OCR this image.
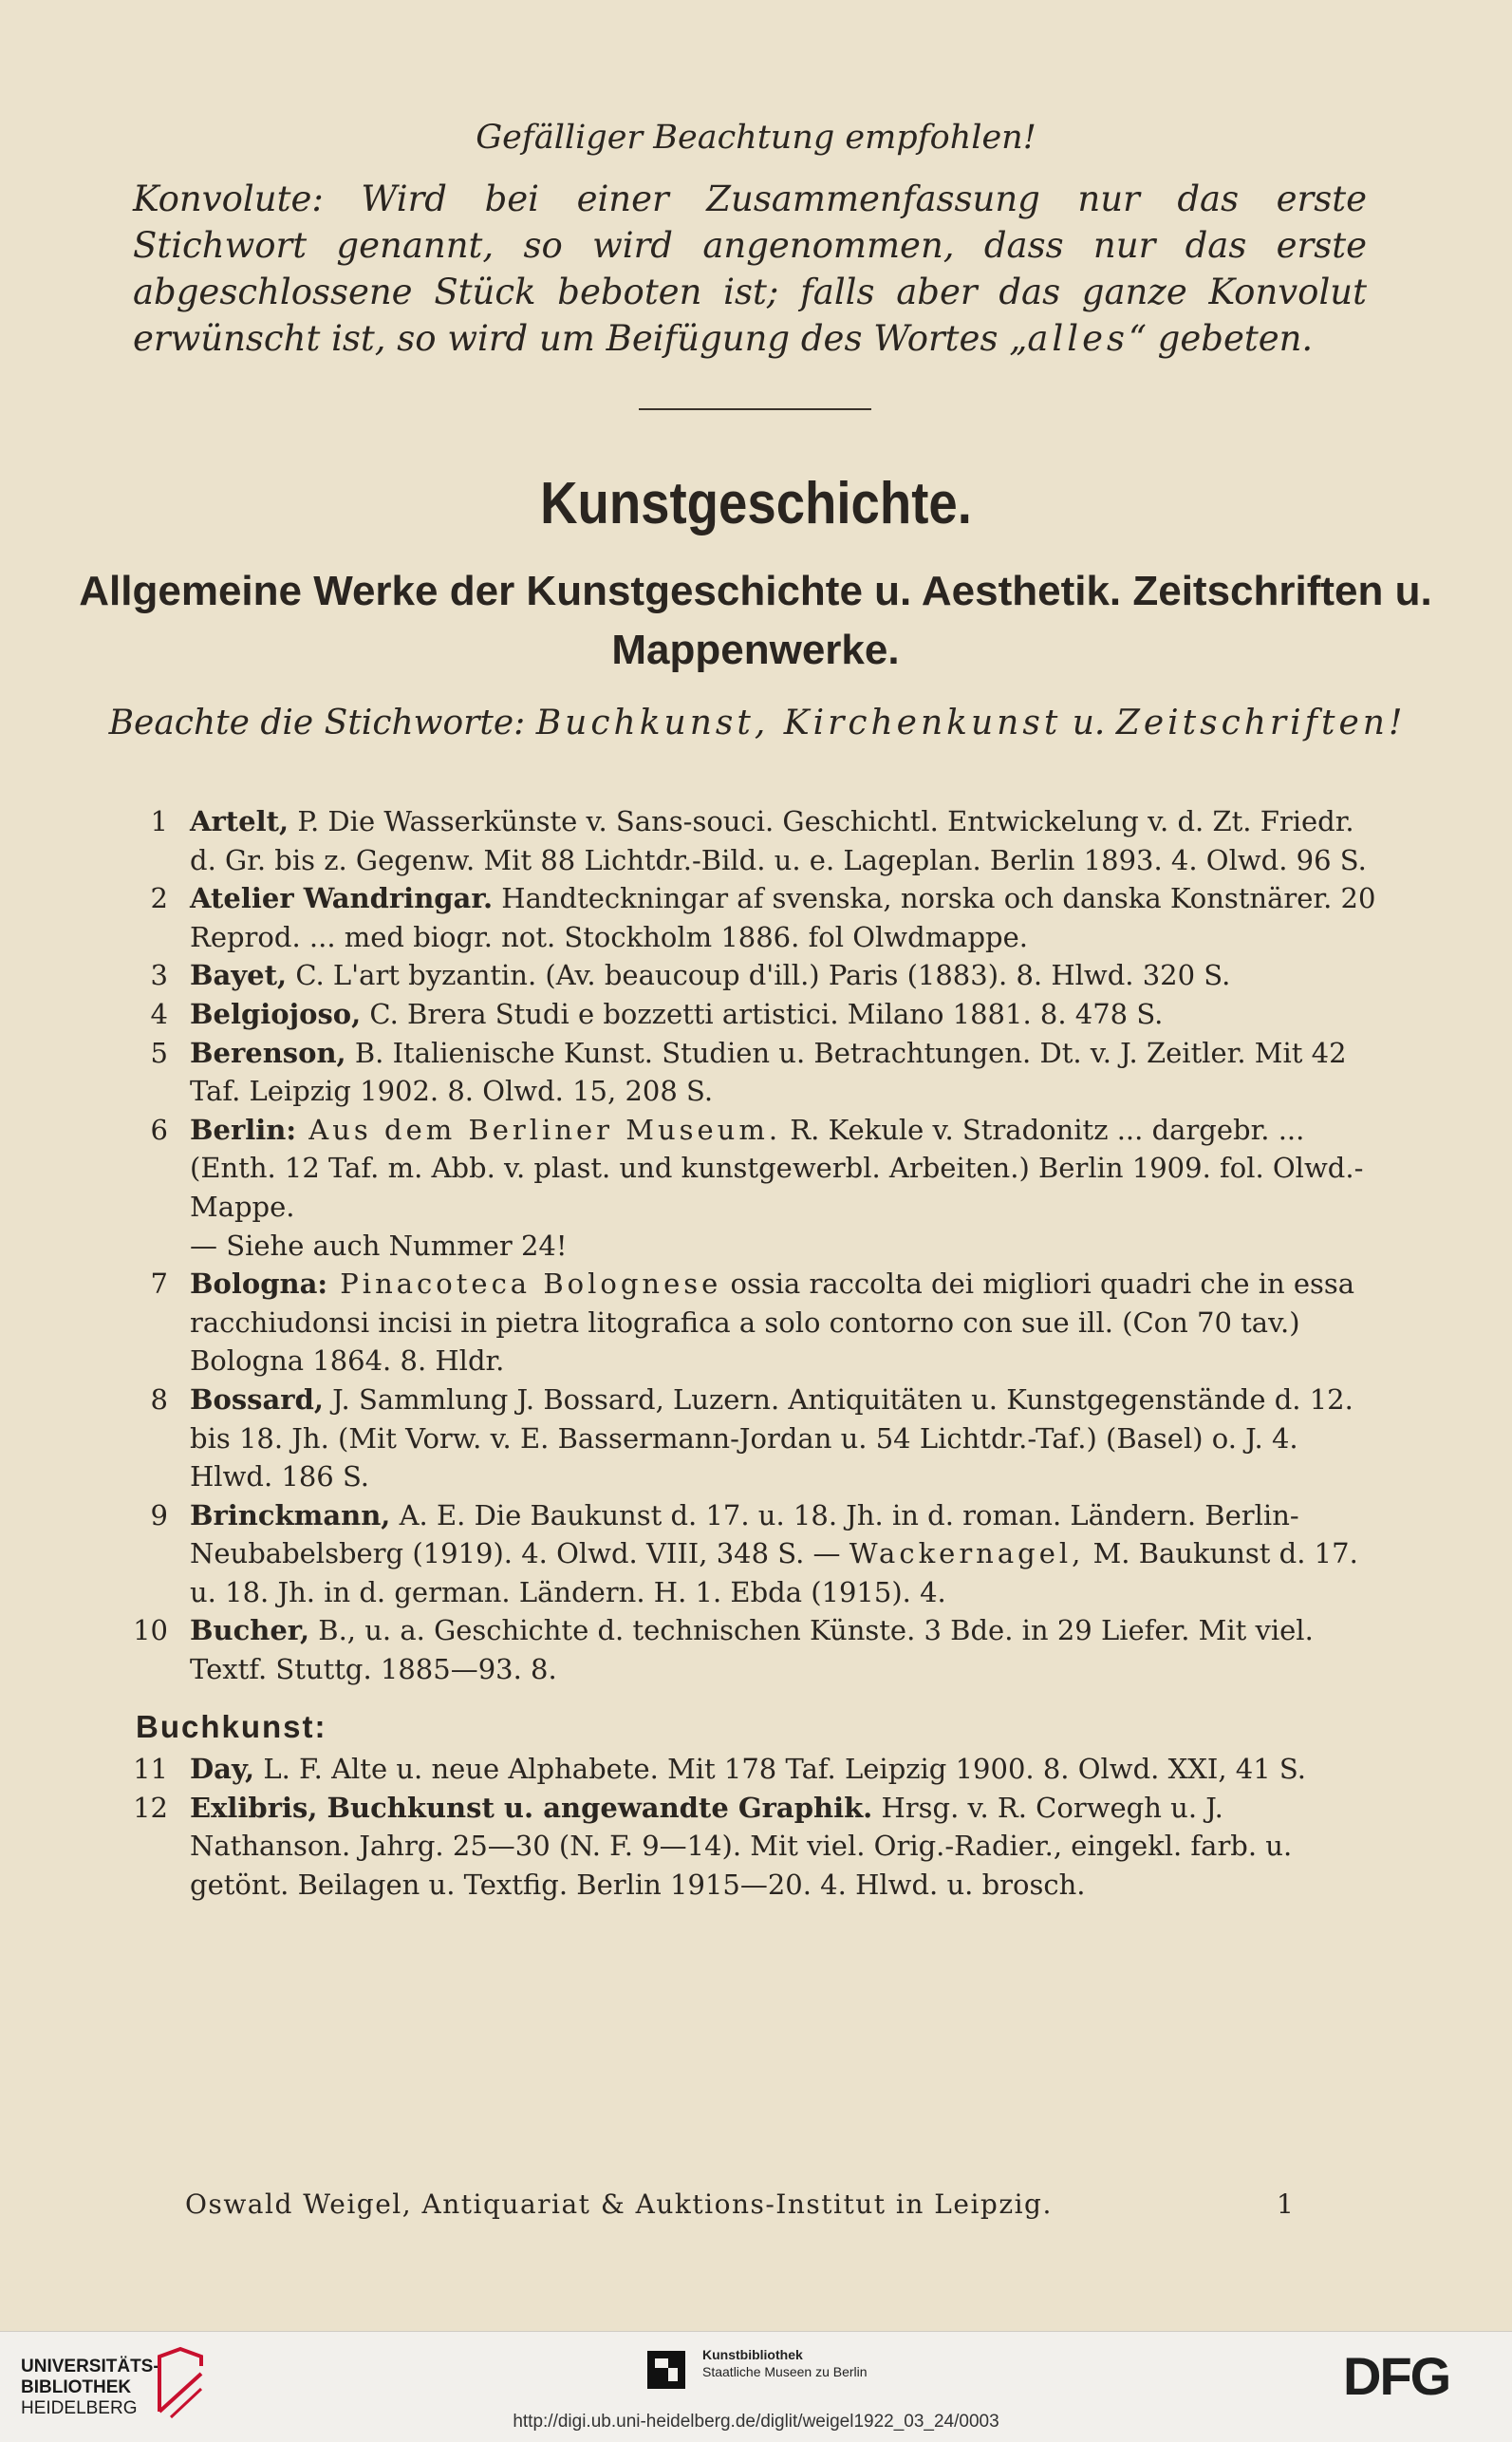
Gefälliger Beachtung empfohlen!
Konvolute: Wird bei einer Zusammenfassung nur das erste Stichwort genannt, so wird angenommen, dass nur das erste abgeschlossene Stück beboten ist; falls aber das ganze Konvolut erwünscht ist, so wird um Beifügung des Wortes „alles“ gebeten.
Kunstgeschichte.
Allgemeine Werke der Kunstgeschichte u. Aesthetik. Zeitschriften u. Mappenwerke.
Beachte die Stichworte: Buchkunst, Kirchenkunst u. Zeitschriften!
1 Artelt, P. Die Wasserkünste v. Sans-souci. Geschichtl. Entwickelung v. d. Zt. Friedr. d. Gr. bis z. Gegenw. Mit 88 Lichtdr.-Bild. u. e. Lageplan. Berlin 1893. 4. Olwd. 96 S.
2 Atelier Wandringar. Handteckningar af svenska, norska och danska Konstnärer. 20 Reprod. ... med biogr. not. Stockholm 1886. fol Olwdmappe.
3 Bayet, C. L'art byzantin. (Av. beaucoup d'ill.) Paris (1883). 8. Hlwd. 320 S.
4 Belgiojoso, C. Brera Studi e bozzetti artistici. Milano 1881. 8. 478 S.
5 Berenson, B. Italienische Kunst. Studien u. Betrachtungen. Dt. v. J. Zeitler. Mit 42 Taf. Leipzig 1902. 8. Olwd. 15, 208 S.
6 Berlin: Aus dem Berliner Museum. R. Kekule v. Stradonitz ... dargebr. ... (Enth. 12 Taf. m. Abb. v. plast. und kunstgewerbl. Arbeiten.) Berlin 1909. fol. Olwd.-Mappe.
— Siehe auch Nummer 24!
7 Bologna: Pinacoteca Bolognese ossia raccolta dei migliori quadri che in essa racchiudonsi incisi in pietra litografica a solo contorno con sue ill. (Con 70 tav.) Bologna 1864. 8. Hldr.
8 Bossard, J. Sammlung J. Bossard, Luzern. Antiquitäten u. Kunstgegenstände d. 12. bis 18. Jh. (Mit Vorw. v. E. Bassermann-Jordan u. 54 Lichtdr.-Taf.) (Basel) o. J. 4. Hlwd. 186 S.
9 Brinckmann, A. E. Die Baukunst d. 17. u. 18. Jh. in d. roman. Ländern. Berlin-Neubabelsberg (1919). 4. Olwd. VIII, 348 S. — Wackernagel, M. Baukunst d. 17. u. 18. Jh. in d. german. Ländern. H. 1. Ebda (1915). 4.
10 Bucher, B., u. a. Geschichte d. technischen Künste. 3 Bde. in 29 Liefer. Mit viel. Textf. Stuttg. 1885—93. 8.
Buchkunst:
11 Day, L. F. Alte u. neue Alphabete. Mit 178 Taf. Leipzig 1900. 8. Olwd. XXI, 41 S.
12 Exlibris, Buchkunst u. angewandte Graphik. Hrsg. v. R. Corwegh u. J. Nathanson. Jahrg. 25—30 (N. F. 9—14). Mit viel. Orig.-Radier., eingekl. farb. u. getönt. Beilagen u. Textfig. Berlin 1915—20. 4. Hlwd. u. brosch.
Oswald Weigel, Antiquariat & Auktions-Institut in Leipzig.	1
UNIVERSITÄTS-
BIBLIOTHEK
HEIDELBERG
Kunstbibliothek
Staatliche Museen zu Berlin	DFG
http://digi.ub.uni-heidelberg.de/diglit/weigel1922_03_24/0003
